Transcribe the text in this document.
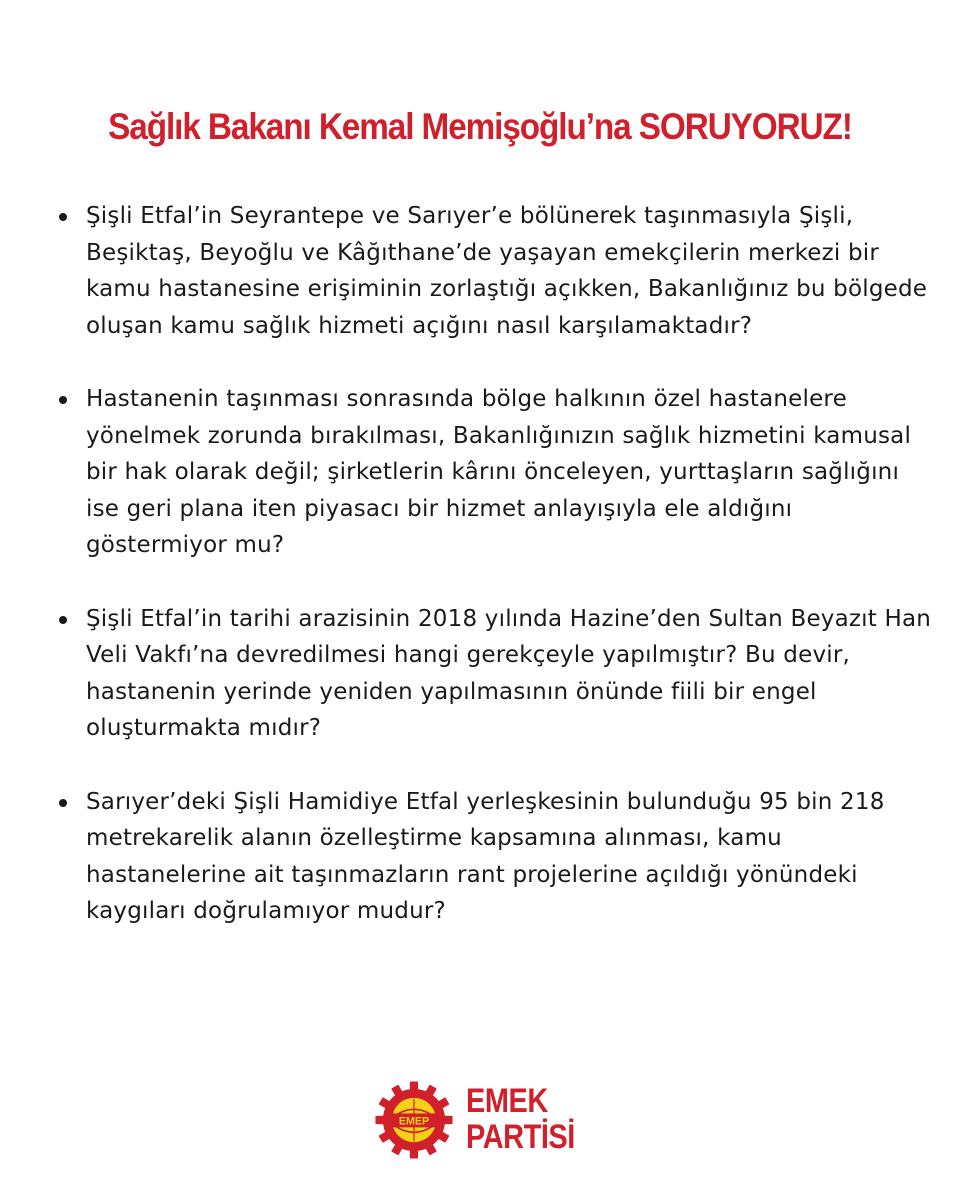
Sağlık Bakanı Kemal Memişoğlu’na SORUYORUZ!
Şişli Etfal’in Seyrantepe ve Sarıyer’e bölünerek taşınmasıyla Şişli, Beşiktaş, Beyoğlu ve Kâğıthane’de yaşayan emekçilerin merkezi bir kamu hastanesine erişiminin zorlaştığı açıkken, Bakanlığınız bu bölgede oluşan kamu sağlık hizmeti açığını nasıl karşılamaktadır?
Hastanenin taşınması sonrasında bölge halkının özel hastanelere yönelmek zorunda bırakılması, Bakanlığınızın sağlık hizmetini kamusal bir hak olarak değil; şirketlerin kârını önceleyen, yurttaşların sağlığını ise geri plana iten piyasacı bir hizmet anlayışıyla ele aldığını göstermiyor mu?
Şişli Etfal’in tarihi arazisinin 2018 yılında Hazine’den Sultan Beyazıt Han Veli Vakfı’na devredilmesi hangi gerekçeyle yapılmıştır? Bu devir, hastanenin yerinde yeniden yapılmasının önünde fiili bir engel oluşturmakta mıdır?
Sarıyer’deki Şişli Hamidiye Etfal yerleşkesinin bulunduğu 95 bin 218 metrekarelik alanın özelleştirme kapsamına alınması, kamu hastanelerine ait taşınmazların rant projelerine açıldığı yönündeki kaygıları doğrulamıyor mudur?
EMEP
EMEK
PARTİSİ
